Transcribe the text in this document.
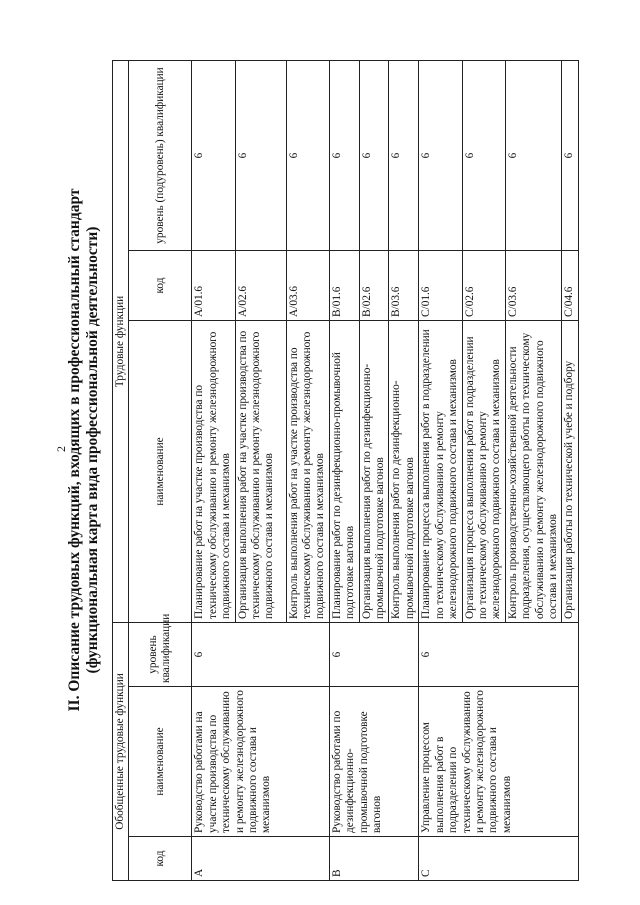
2
II. Описание трудовых функций, входящих в профессиональный стандарт (функциональная карта вида профессиональной деятельности)
Обобщенные трудовые функции			Трудовые функции		
код	наименование	уровень квалификации	наименование	код	уровень (подуровень) квалификации
A	Руководство работами на участке производства по техническому обслуживанию и ремонту железнодорожного подвижного состава и механизмов	6	Планирование работ на участке производства по техническому обслуживанию и ремонту железнодорожного подвижного состава и механизмов	A/01.6	6
			Организация выполнения работ на участке производства по техническому обслуживанию и ремонту железнодорожного подвижного состава и механизмов	A/02.6	6
			Контроль выполнения работ на участке производства по техническому обслуживанию и ремонту железнодорожного подвижного состава и механизмов	A/03.6	6
B	Руководство работами по дезинфекционно-промывочной подготовке вагонов	6	Планирование работ по дезинфекционно-промывочной подготовке вагонов	B/01.6	6
			Организация выполнения работ по дезинфекционно-промывочной подготовке вагонов	B/02.6	6
			Контроль выполнения работ по дезинфекционно-промывочной подготовке вагонов	B/03.6	6
C	Управление процессом выполнения работ в подразделении по техническому обслуживанию и ремонту железнодорожного подвижного состава и механизмов	6	Планирование процесса выполнения работ в подразделении по техническому обслуживанию и ремонту железнодорожного подвижного состава и механизмов	C/01.6	6
			Организация процесса выполнения работ в подразделении по техническому обслуживанию и ремонту железнодорожного подвижного состава и механизмов	C/02.6	6
			Контроль производственно-хозяйственной деятельности подразделения, осуществляющего работы по техническому обслуживанию и ремонту железнодорожного подвижного состава и механизмов	C/03.6	6
			Организация работы по технической учебе и подбору	C/04.6	6
